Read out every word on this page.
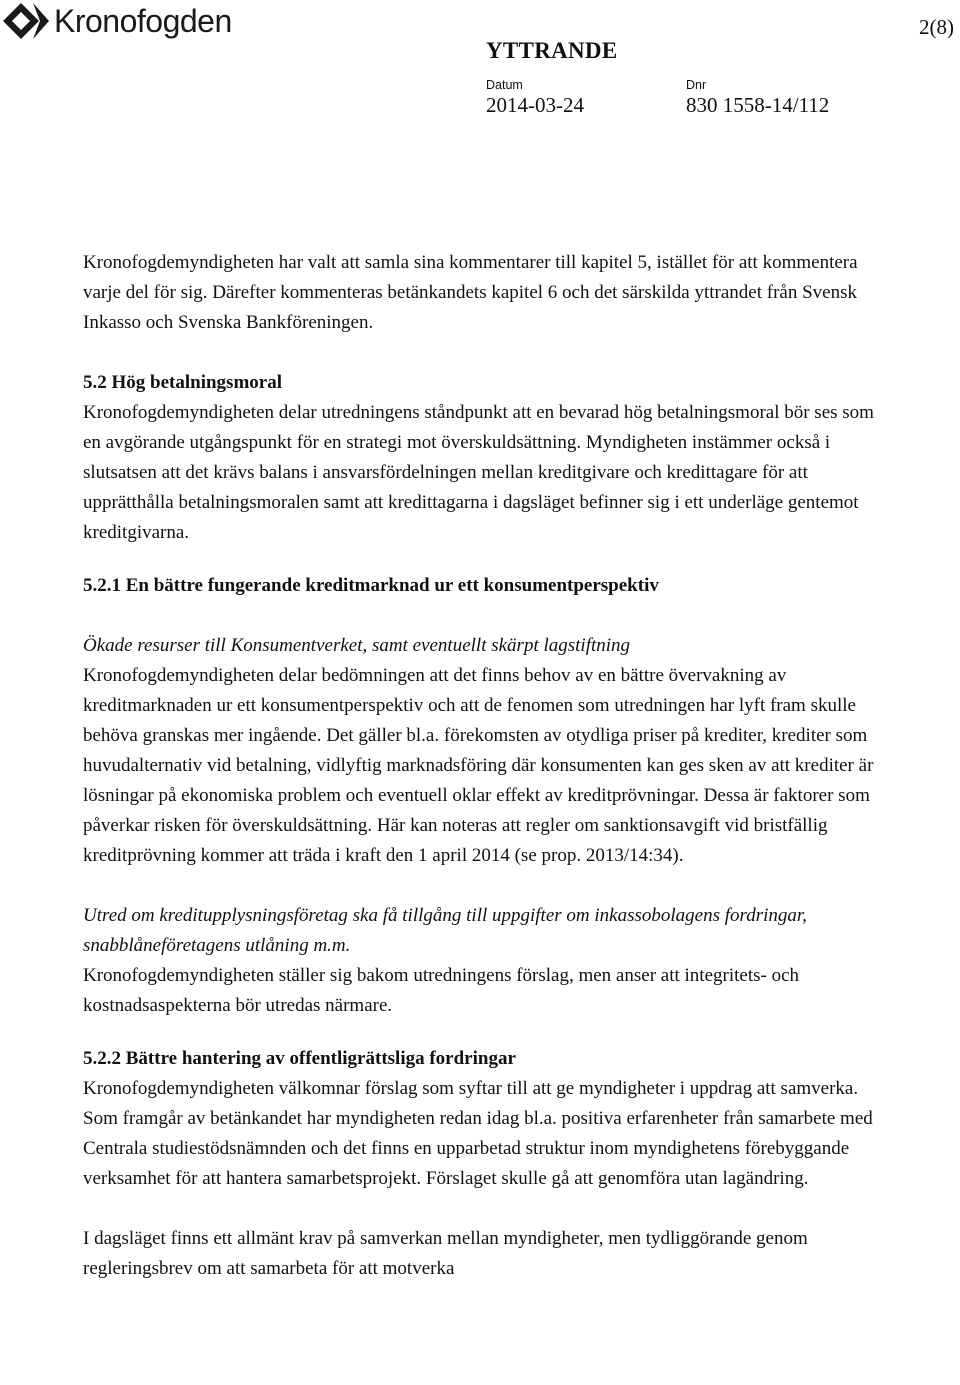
Kronofogden	2(8)
YTTRANDE
Datum	Dnr
2014-03-24	830 1558-14/112

Kronofogdemyndigheten har valt att samla sina kommentarer till kapitel 5, istället för att kommentera varje del för sig. Därefter kommenteras betänkandets kapitel 6 och det särskilda yttrandet från Svensk Inkasso och Svenska Bankföreningen.

5.2 Hög betalningsmoral

Kronofogdemyndigheten delar utredningens ståndpunkt att en bevarad hög betalningsmoral bör ses som en avgörande utgångspunkt för en strategi mot överskuldsättning. Myndigheten instämmer också i slutsatsen att det krävs balans i ansvarsfördelningen mellan kreditgivare och kredittagare för att upprätthålla betalningsmoralen samt att kredittagarna i dagsläget befinner sig i ett underläge gentemot kreditgivarna.

5.2.1 En bättre fungerande kreditmarknad ur ett konsumentperspektiv

Ökade resurser till Konsumentverket, samt eventuellt skärpt lagstiftning

Kronofogdemyndigheten delar bedömningen att det finns behov av en bättre övervakning av kreditmarknaden ur ett konsumentperspektiv och att de fenomen som utredningen har lyft fram skulle behöva granskas mer ingående. Det gäller bl.a. förekomsten av otydliga priser på krediter, krediter som huvudalternativ vid betalning, vidlyftig marknadsföring där konsumenten kan ges sken av att krediter är lösningar på ekonomiska problem och eventuell oklar effekt av kreditprövningar. Dessa är faktorer som påverkar risken för överskuldsättning. Här kan noteras att regler om sanktionsavgift vid bristfällig kreditprövning kommer att träda i kraft den 1 april 2014 (se prop. 2013/14:34).

Utred om kreditupplysningsföretag ska få tillgång till uppgifter om inkassobolagens fordringar, snabblåneföretagens utlåning m.m.

Kronofogdemyndigheten ställer sig bakom utredningens förslag, men anser att integritets- och kostnadsaspekterna bör utredas närmare.

5.2.2 Bättre hantering av offentligrättsliga fordringar

Kronofogdemyndigheten välkomnar förslag som syftar till att ge myndigheter i uppdrag att samverka. Som framgår av betänkandet har myndigheten redan idag bl.a. positiva erfarenheter från samarbete med Centrala studiestödsnämnden och det finns en upparbetad struktur inom myndighetens förebyggande verksamhet för att hantera samarbetsprojekt. Förslaget skulle gå att genomföra utan lagändring.

I dagsläget finns ett allmänt krav på samverkan mellan myndigheter, men tydliggörande genom regleringsbrev om att samarbeta för att motverka
